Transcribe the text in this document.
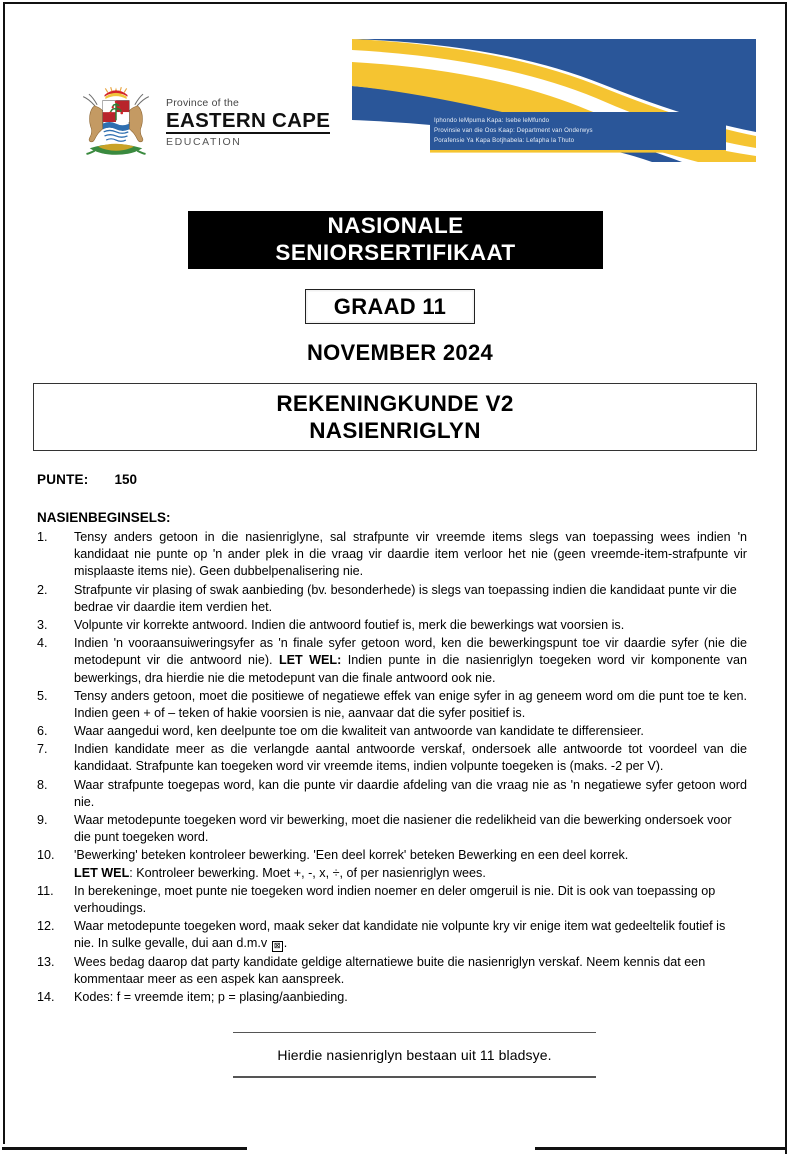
Province of the
EASTERN CAPE
EDUCATION
Iphondo leMpuma Kapa: Isebe leMfundo
Provinsie van die Oos Kaap: Department van Onderwys
Porafensie Ya Kapa Botjhabela: Lefapha la Thuto
NASIONALE
SENIORSERTIFIKAAT
GRAAD 11
NOVEMBER 2024
REKENINGKUNDE V2
NASIENRIGLYN
PUNTE: 150
NASIENBEGINSELS:
1.	Tensy anders getoon in die nasienriglyne, sal strafpunte vir vreemde items slegs van toepassing wees indien 'n kandidaat nie punte op 'n ander plek in die vraag vir daardie item verloor het nie (geen vreemde-item-strafpunte vir misplaaste items nie). Geen dubbelpenalisering nie.
2.	Strafpunte vir plasing of swak aanbieding (bv. besonderhede) is slegs van toepassing indien die kandidaat punte vir die bedrae vir daardie item verdien het.
3.	Volpunte vir korrekte antwoord. Indien die antwoord foutief is, merk die bewerkings wat voorsien is.
4.	Indien 'n vooraansuiweringsyfer as 'n finale syfer getoon word, ken die bewerkingspunt toe vir daardie syfer (nie die metodepunt vir die antwoord nie). LET WEL: Indien punte in die nasienriglyn toegeken word vir komponente van bewerkings, dra hierdie nie die metodepunt van die finale antwoord ook nie.
5.	Tensy anders getoon, moet die positiewe of negatiewe effek van enige syfer in ag geneem word om die punt toe te ken. Indien geen + of – teken of hakie voorsien is nie, aanvaar dat die syfer positief is.
6.	Waar aangedui word, ken deelpunte toe om die kwaliteit van antwoorde van kandidate te differensieer.
7.	Indien kandidate meer as die verlangde aantal antwoorde verskaf, ondersoek alle antwoorde tot voordeel van die kandidaat. Strafpunte kan toegeken word vir vreemde items, indien volpunte toegeken is (maks. -2 per V).
8.	Waar strafpunte toegepas word, kan die punte vir daardie afdeling van die vraag nie as 'n negatiewe syfer getoon word nie.
9.	Waar metodepunte toegeken word vir bewerking, moet die nasiener die redelikheid van die bewerking ondersoek voor die punt toegeken word.
10.	'Bewerking' beteken kontroleer bewerking. 'Een deel korrek' beteken Bewerking en een deel korrek.
LET WEL: Kontroleer bewerking. Moet +, -, x, ÷, of per nasienriglyn wees.
11.	In berekeninge, moet punte nie toegeken word indien noemer en deler omgeruil is nie. Dit is ook van toepassing op verhoudings.
12.	Waar metodepunte toegeken word, maak seker dat kandidate nie volpunte kry vir enige item wat gedeeltelik foutief is nie. In sulke gevalle, dui aan d.m.v ⊠ .
13.	Wees bedag daarop dat party kandidate geldige alternatiewe buite die nasienriglyn verskaf. Neem kennis dat een kommentaar meer as een aspek kan aanspreek.
14.	Kodes: f = vreemde item; p = plasing/aanbieding.
Hierdie nasienriglyn bestaan uit 11 bladsye.
